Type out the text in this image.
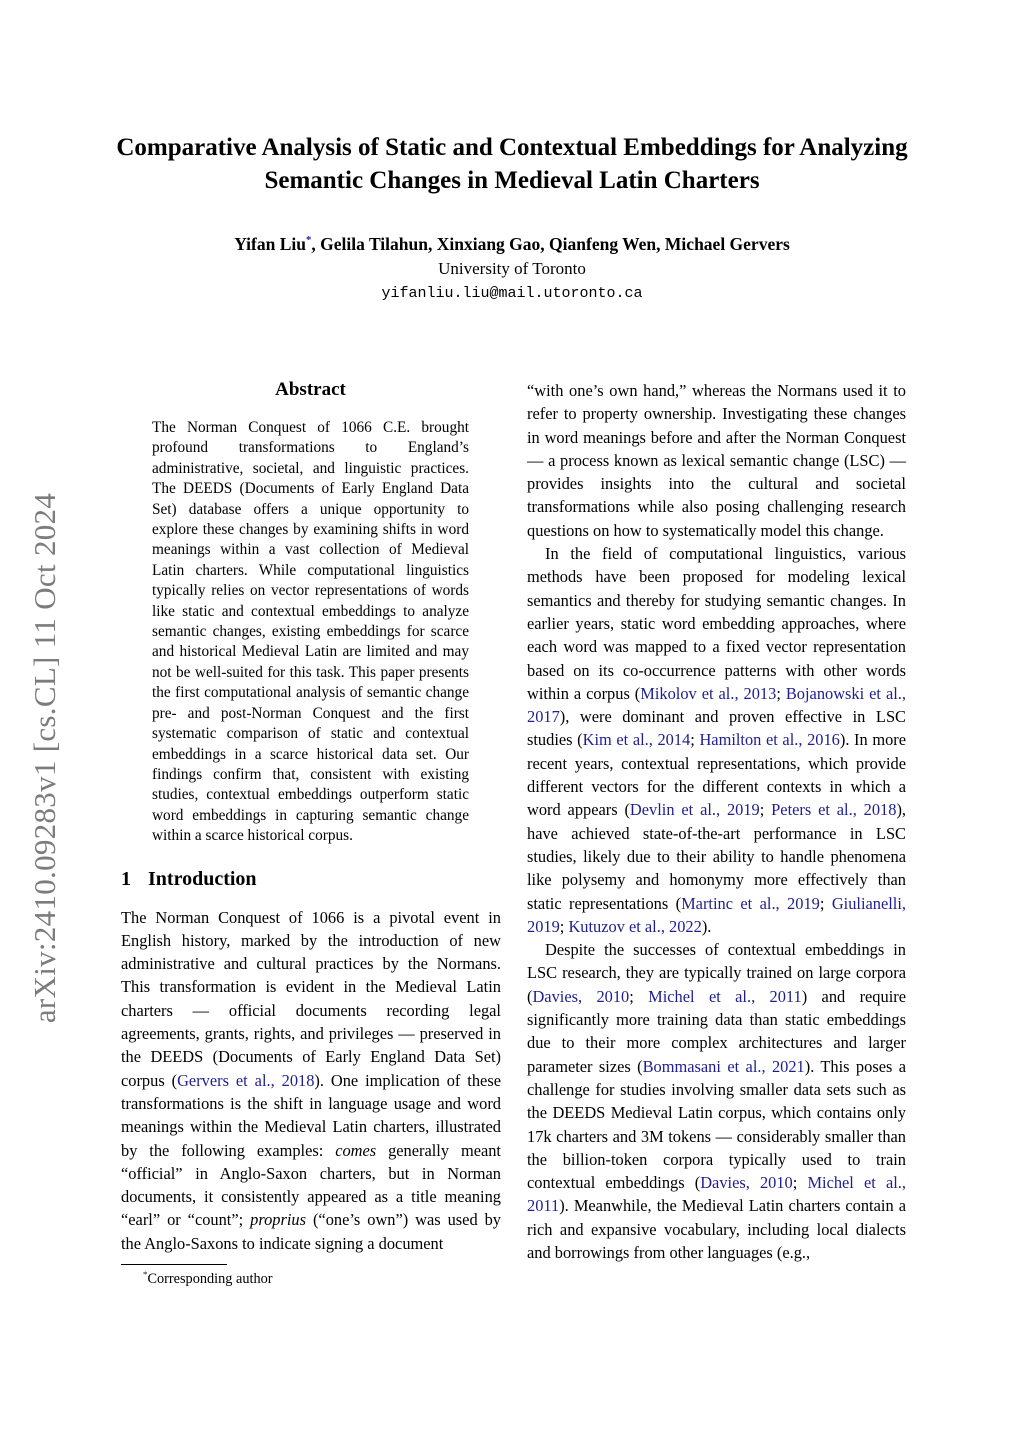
arXiv:2410.09283v1 [cs.CL] 11 Oct 2024
Comparative Analysis of Static and Contextual Embeddings for Analyzing
Semantic Changes in Medieval Latin Charters
Yifan Liu*, Gelila Tilahun, Xinxiang Gao, Qianfeng Wen, Michael Gervers
University of Toronto
yifanliu.liu@mail.utoronto.ca
Abstract

The Norman Conquest of 1066 C.E. brought profound transformations to England’s administrative, societal, and linguistic practices. The DEEDS (Documents of Early England Data Set) database offers a unique opportunity to explore these changes by examining shifts in word meanings within a vast collection of Medieval Latin charters. While computational linguistics typically relies on vector representations of words like static and contextual embeddings to analyze semantic changes, existing embeddings for scarce and historical Medieval Latin are limited and may not be well-suited for this task. This paper presents the first computational analysis of semantic change pre- and post-Norman Conquest and the first systematic comparison of static and contextual embeddings in a scarce historical data set. Our findings confirm that, consistent with existing studies, contextual embeddings outperform static word embeddings in capturing semantic change within a scarce historical corpus.

1 Introduction

The Norman Conquest of 1066 is a pivotal event in English history, marked by the introduction of new administrative and cultural practices by the Normans. This transformation is evident in the Medieval Latin charters — official documents recording legal agreements, grants, rights, and privileges — preserved in the DEEDS (Documents of Early England Data Set) corpus (Gervers et al., 2018). One implication of these transformations is the shift in language usage and word meanings within the Medieval Latin charters, illustrated by the following examples: comes generally meant “official” in Anglo-Saxon charters, but in Norman documents, it consistently appeared as a title meaning “earl” or “count”; proprius (“one’s own”) was used by the Anglo-Saxons to indicate signing a document

*Corresponding author

“with one’s own hand,” whereas the Normans used it to refer to property ownership. Investigating these changes in word meanings before and after the Norman Conquest — a process known as lexical semantic change (LSC) — provides insights into the cultural and societal transformations while also posing challenging research questions on how to systematically model this change.

In the field of computational linguistics, various methods have been proposed for modeling lexical semantics and thereby for studying semantic changes. In earlier years, static word embedding approaches, where each word was mapped to a fixed vector representation based on its co-occurrence patterns with other words within a corpus (Mikolov et al., 2013; Bojanowski et al., 2017), were dominant and proven effective in LSC studies (Kim et al., 2014; Hamilton et al., 2016). In more recent years, contextual representations, which provide different vectors for the different contexts in which a word appears (Devlin et al., 2019; Peters et al., 2018), have achieved state-of-the-art performance in LSC studies, likely due to their ability to handle phenomena like polysemy and homonymy more effectively than static representations (Martinc et al., 2019; Giulianelli, 2019; Kutuzov et al., 2022).

Despite the successes of contextual embeddings in LSC research, they are typically trained on large corpora (Davies, 2010; Michel et al., 2011) and require significantly more training data than static embeddings due to their more complex architectures and larger parameter sizes (Bommasani et al., 2021). This poses a challenge for studies involving smaller data sets such as the DEEDS Medieval Latin corpus, which contains only 17k charters and 3M tokens — considerably smaller than the billion-token corpora typically used to train contextual embeddings (Davies, 2010; Michel et al., 2011). Meanwhile, the Medieval Latin charters contain a rich and expansive vocabulary, including local dialects and borrowings from other languages (e.g.,
